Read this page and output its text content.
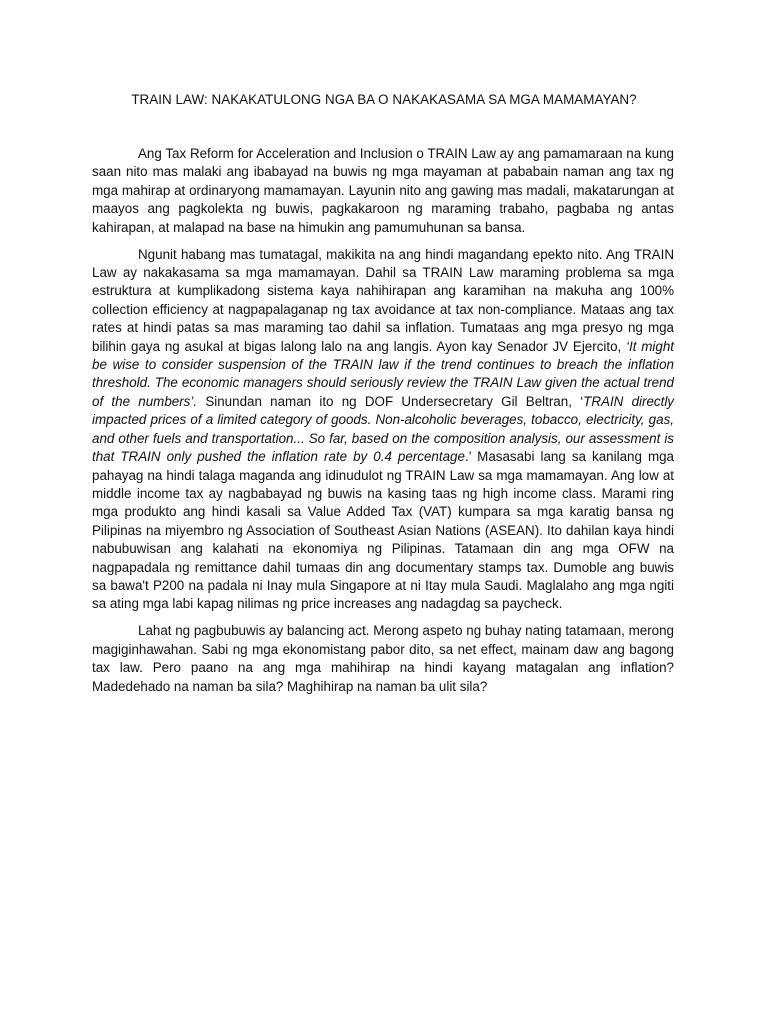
TRAIN LAW: NAKAKATULONG NGA BA O NAKAKASAMA SA MGA MAMAMAYAN?

Ang Tax Reform for Acceleration and Inclusion o TRAIN Law ay ang pamamaraan na kung saan nito mas malaki ang ibabayad na buwis ng mga mayaman at pababain naman ang tax ng mga mahirap at ordinaryong mamamayan. Layunin nito ang gawing mas madali, makatarungan at maayos ang pagkolekta ng buwis, pagkakaroon ng maraming trabaho, pagbaba ng antas kahirapan, at malapad na base na himukin ang pamumuhunan sa bansa.

Ngunit habang mas tumatagal, makikita na ang hindi magandang epekto nito. Ang TRAIN Law ay nakakasama sa mga mamamayan. Dahil sa TRAIN Law maraming problema sa mga estruktura at kumplikadong sistema kaya nahihirapan ang karamihan na makuha ang 100% collection efficiency at nagpapalaganap ng tax avoidance at tax non-compliance. Mataas ang tax rates at hindi patas sa mas maraming tao dahil sa inflation. Tumataas ang mga presyo ng mga bilihin gaya ng asukal at bigas lalong lalo na ang langis. Ayon kay Senador JV Ejercito, ‘It might be wise to consider suspension of the TRAIN law if the trend continues to breach the inflation threshold. The economic managers should seriously review the TRAIN Law given the actual trend of the numbers’. Sinundan naman ito ng DOF Undersecretary Gil Beltran, ‘TRAIN directly impacted prices of a limited category of goods. Non-alcoholic beverages, tobacco, electricity, gas, and other fuels and transportation... So far, based on the composition analysis, our assessment is that TRAIN only pushed the inflation rate by 0.4 percentage.’ Masasabi lang sa kanilang mga pahayag na hindi talaga maganda ang idinudulot ng TRAIN Law sa mga mamamayan. Ang low at middle income tax ay nagbabayad ng buwis na kasing taas ng high income class. Marami ring mga produkto ang hindi kasali sa Value Added Tax (VAT) kumpara sa mga karatig bansa ng Pilipinas na miyembro ng Association of Southeast Asian Nations (ASEAN). Ito dahilan kaya hindi nabubuwisan ang kalahati na ekonomiya ng Pilipinas. Tatamaan din ang mga OFW na nagpapadala ng remittance dahil tumaas din ang documentary stamps tax. Dumoble ang buwis sa bawa't P200 na padala ni Inay mula Singapore at ni Itay mula Saudi. Maglalaho ang mga ngiti sa ating mga labi kapag nilimas ng price increases ang nadagdag sa paycheck.

Lahat ng pagbubuwis ay balancing act. Merong aspeto ng buhay nating tatamaan, merong magiginhawahan. Sabi ng mga ekonomistang pabor dito, sa net effect, mainam daw ang bagong tax law. Pero paano na ang mga mahihirap na hindi kayang matagalan ang inflation? Madedehado na naman ba sila? Maghihirap na naman ba ulit sila?
